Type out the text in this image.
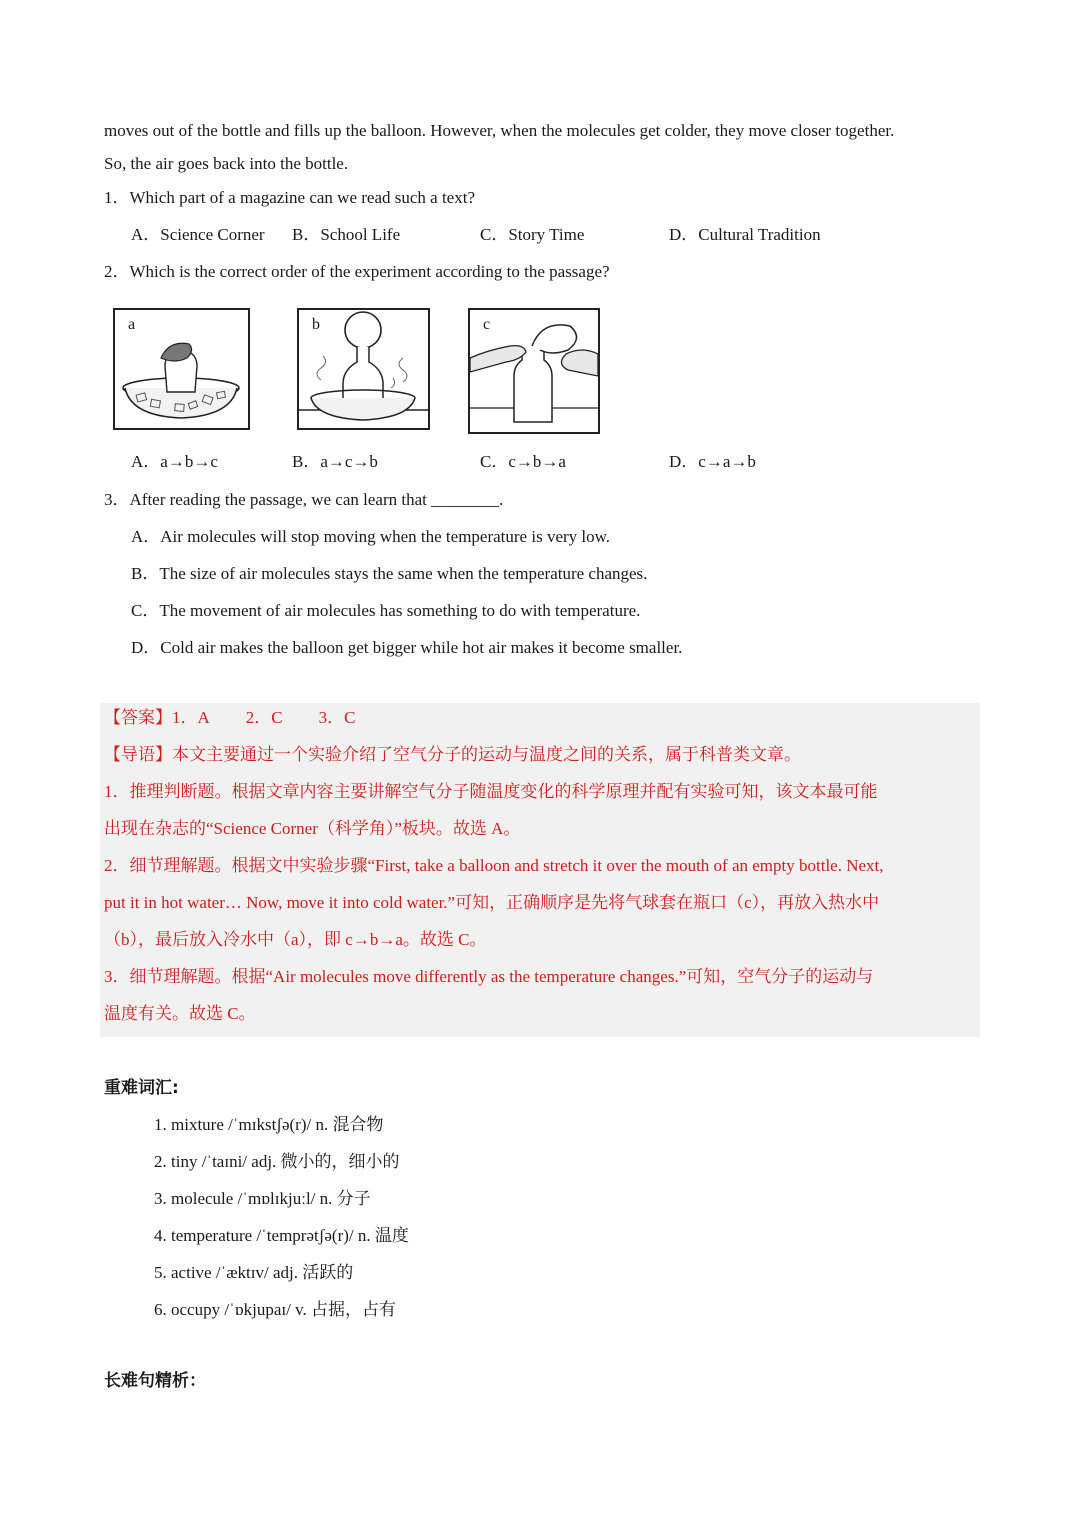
moves out of the bottle and fills up the balloon. However, when the molecules get colder, they move closer together.
So, the air goes back into the bottle.
1．Which part of a magazine can we read such a text?
A．Science Corner B．School Life	C．Story Time	D．Cultural Tradition
2．Which is the correct order of the experiment according to the passage?
a	b	c
A．a→b→c	B．a→c→b	C．c→b→a	D．c→a→b
3．After reading the passage, we can learn that ________.
A．Air molecules will stop moving when the temperature is very low.
B．The size of air molecules stays the same when the temperature changes.
C．The movement of air molecules has something to do with temperature.
D．Cold air makes the balloon get bigger while hot air makes it become smaller.
【答案】1．A 2．C 3．C
【导语】本文主要通过一个实验介绍了空气分子的运动与温度之间的关系，属于科普类文章。
1．推理判断题。根据文章内容主要讲解空气分子随温度变化的科学原理并配有实验可知，该文本最可能
出现在杂志的“Science Corner（科学角）”板块。故选 A。
2．细节理解题。根据文中实验步骤“First, take a balloon and stretch it over the mouth of an empty bottle. Next,
put it in hot water… Now, move it into cold water.”可知，正确顺序是先将气球套在瓶口（c），再放入热水中
（b），最后放入冷水中（a），即 c→b→a。故选 C。
3．细节理解题。根据“Air molecules move differently as the temperature changes.”可知，空气分子的运动与
温度有关。故选 C。
重难词汇:
1. mixture /ˈmɪkstʃə(r)/ n. 混合物
2. tiny /ˈtaɪni/ adj. 微小的，细小的
3. molecule /ˈmɒlɪkjuːl/ n. 分子
4. temperature /ˈtemprətʃə(r)/ n. 温度
5. active /ˈæktɪv/ adj. 活跃的
6. occupy /ˈɒkjupaɪ/ v. 占据，占有
长难句精析：
